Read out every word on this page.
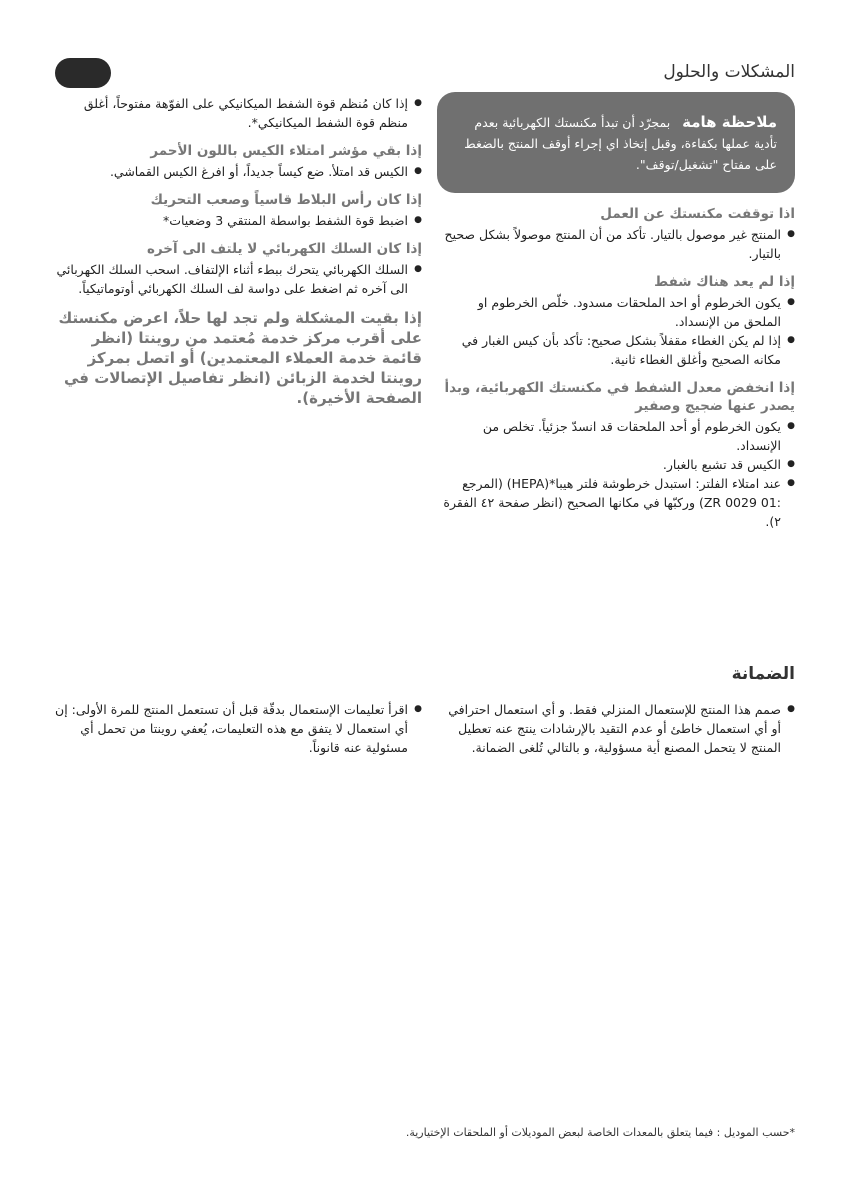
المشكلات والحلول
ملاحظة هامة بمجرّد أن تبدأ مكنستك الكهربائية بعدم تأدية عملها بكفاءة، وقبل إتخاذ اي إجراء أوقف المنتج بالضغط على مفتاح "تشغيل/توقف".
اذا توقفت مكنستك عن العمل
● المنتج غير موصول بالتيار. تأكد من أن المنتج موصولاً بشكل صحيح بالتيار.
إذا لم يعد هناك شفط
● يكون الخرطوم أو احد الملحقات مسدود. خلّص الخرطوم او الملحق من الإنسداد.
● إذا لم يكن الغطاء مقفلاً بشكل صحيح: تأكد بأن كيس الغبار في مكانه الصحيح وأغلق الغطاء ثانية.
إذا انخفض معدل الشفط في مكنستك الكهربائية، وبدأ يصدر عنها ضجيج وصفير
● يكون الخرطوم أو أحد الملحقات قد انسدّ جزئياً. تخلص من الإنسداد.
● الكيس قد تشبع بالغبار.
● عند امتلاء الفلتر: استبدل خرطوشة فلتر هيبا*(HEPA) (المرجع :ZR 0029 01) وركبّها في مكانها الصحيح (انظر صفحة ٤٢ الفقرة ٢).
● إذا كان مُنظم قوة الشفط الميكانيكي على الفوّهة مفتوحاً، أغلق منظم قوة الشفط الميكانيكي*.
إذا بقي مؤشر امتلاء الكيس باللون الأحمر
● الكيس قد امتلأ. ضع كيساً جديداً، أو افرغ الكيس القماشي.
إذا كان رأس البلاط قاسياً وصعب التحريك
● اضبط قوة الشفط بواسطة المنتقي 3 وضعيات*
إذا كان السلك الكهربائي لا يلتف الى آخره
● السلك الكهربائي يتحرك ببطء أثناء الإلتفاف. اسحب السلك الكهربائي الى آخره ثم اضغط على دواسة لف السلك الكهربائي أوتوماتيكياً.
إذا بقيت المشكلة ولم تجد لها حلاً، اعرض مكنستك على أقرب مركز خدمة مُعتمد من روينتا (انظر قائمة خدمة العملاء المعتمدين) أو اتصل بمركز روينتا لخدمة الزبائن (انظر تفاصيل الإتصالات في الصفحة الأخيرة).
الضمانة
● صمم هذا المنتج للإستعمال المنزلي فقط. و أي استعمال احترافي أو أي استعمال خاطئ أو عدم التقيد بالإرشادات ينتج عنه تعطيل المنتج لا يتحمل المصنع أية مسؤولية، و بالتالي تُلغى الضمانة.
● اقرأ تعليمات الإستعمال بدقّة قبل أن تستعمل المنتج للمرة الأولى: إن أي استعمال لا يتفق مع هذه التعليمات، يُعفي روينتا من تحمل أي مسئولية عنه قانوناً.
*حسب الموديل : فيما يتعلق بالمعدات الخاصة لبعض الموديلات أو الملحقات الإختيارية.
